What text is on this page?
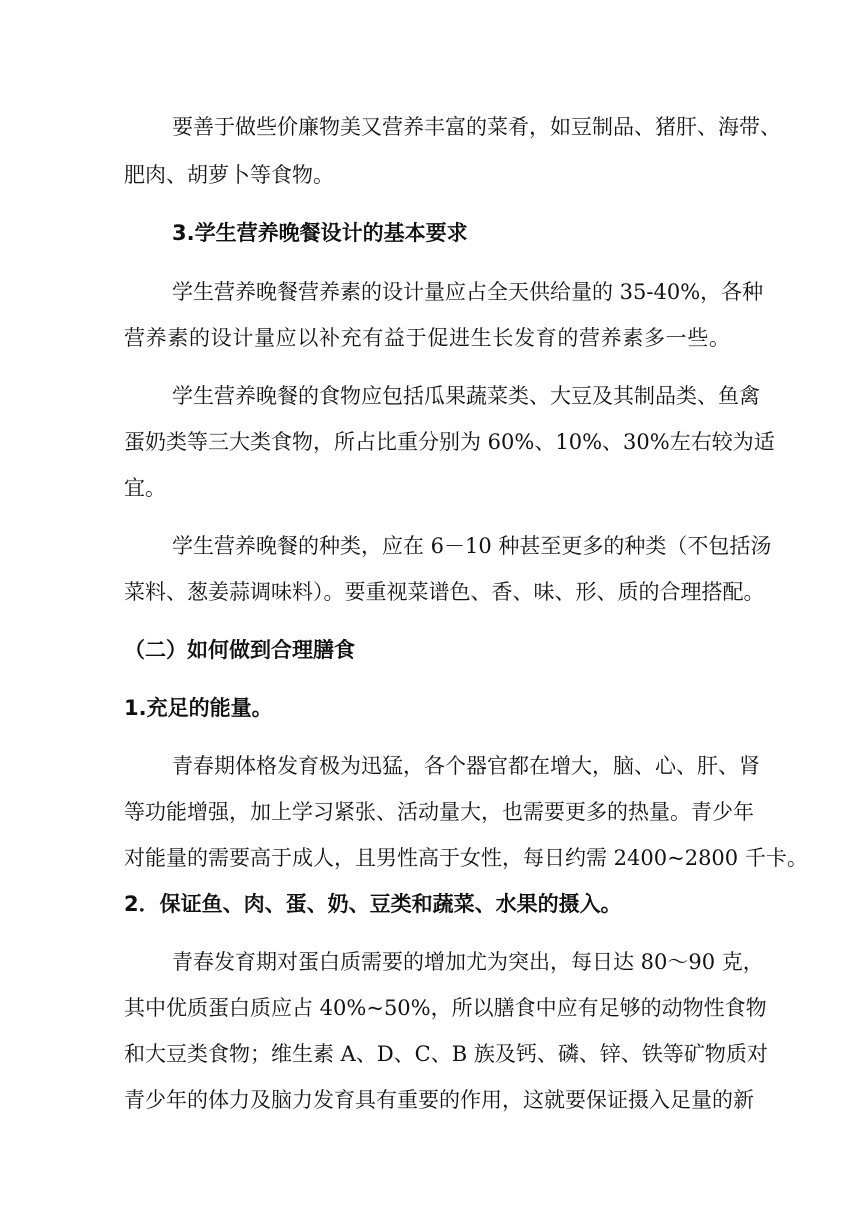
要善于做些价廉物美又营养丰富的菜肴，如豆制品、猪肝、海带、
肥肉、胡萝卜等食物。
3.学生营养晚餐设计的基本要求
学生营养晚餐营养素的设计量应占全天供给量的 35-40%，各种
营养素的设计量应以补充有益于促进生长发育的营养素多一些。
学生营养晚餐的食物应包括瓜果蔬菜类、大豆及其制品类、鱼禽
蛋奶类等三大类食物，所占比重分别为 60%、10%、30%左右较为适
宜。
学生营养晚餐的种类，应在 6－10 种甚至更多的种类（不包括汤
菜料、葱姜蒜调味料）。要重视菜谱色、香、味、形、质的合理搭配。
（二）如何做到合理膳食
1.充足的能量。
青春期体格发育极为迅猛，各个器官都在增大，脑、心、肝、肾
等功能增强，加上学习紧张、活动量大，也需要更多的热量。青少年
对能量的需要高于成人，且男性高于女性，每日约需 2400~2800 千卡。
2．保证鱼、肉、蛋、奶、豆类和蔬菜、水果的摄入。
青春发育期对蛋白质需要的增加尤为突出，每日达 80～90 克，
其中优质蛋白质应占 40%~50%，所以膳食中应有足够的动物性食物
和大豆类食物；维生素 A、D、C、B 族及钙、磷、锌、铁等矿物质对
青少年的体力及脑力发育具有重要的作用，这就要保证摄入足量的新
